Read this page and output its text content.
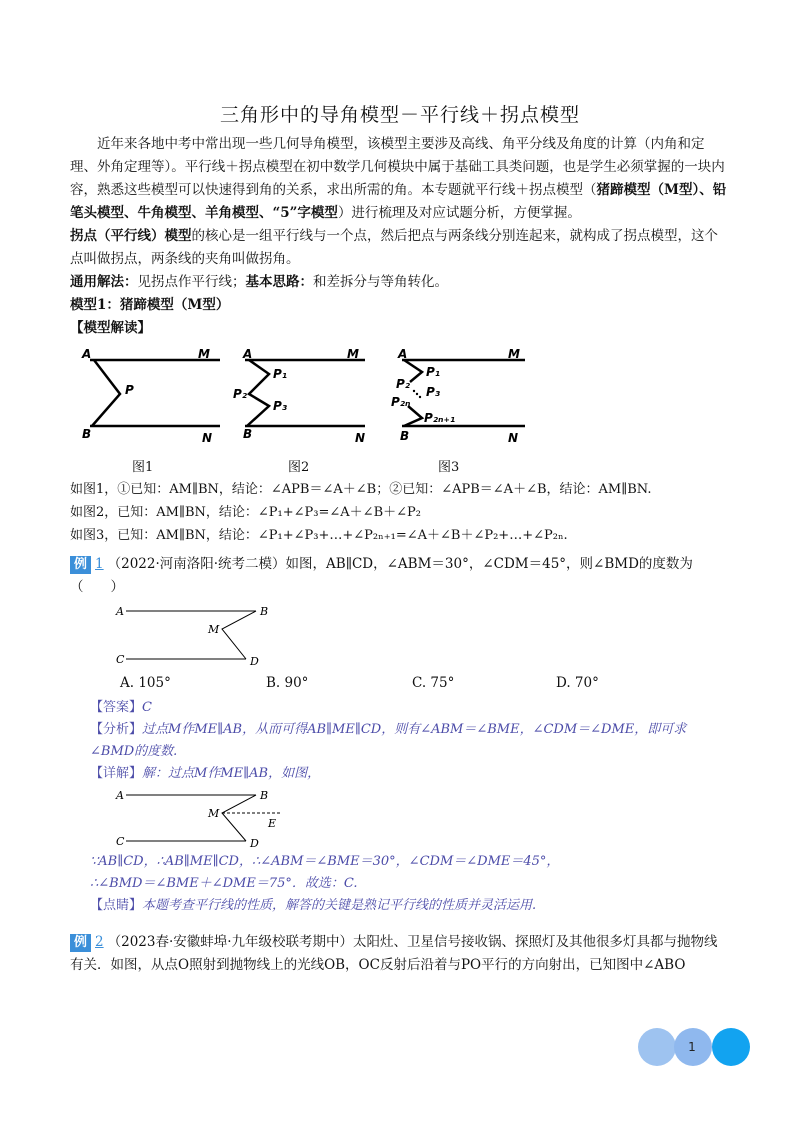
三角形中的导角模型－平行线＋拐点模型

近年来各地中考中常出现一些几何导角模型，该模型主要涉及高线、角平分线及角度的计算（内角和定理、外角定理等）。平行线＋拐点模型在初中数学几何模块中属于基础工具类问题，也是学生必须掌握的一块内容，熟悉这些模型可以快速得到角的关系，求出所需的角。本专题就平行线＋拐点模型（猪蹄模型（M型）、铅笔头模型、牛角模型、羊角模型、“5”字模型）进行梳理及对应试题分析，方便掌握。

拐点（平行线）模型的核心是一组平行线与一个点，然后把点与两条线分别连起来，就构成了拐点模型，这个点叫做拐点，两条线的夹角叫做拐角。

通用解法：见拐点作平行线；基本思路：和差拆分与等角转化。

模型1：猪蹄模型（M型）

【模型解读】

A	M
P
B	N
A	M
P₁
P₂
P₃
B	N
A	M
P₁
P₂
P₃
P₂ₙ
P₂ₙ₊₁
B	N
图1	图2	图3

如图1，①已知：AM∥BN，结论：∠APB＝∠A＋∠B；②已知：∠APB＝∠A＋∠B，结论：AM∥BN.

如图2，已知：AM∥BN，结论：∠P₁+∠P₃=∠A＋∠B＋∠P₂

如图3，已知：AM∥BN，结论：∠P₁+∠P₃+…+∠P₂ₙ₊₁=∠A＋∠B＋∠P₂+…+∠P₂ₙ.

例 1 （2022·河南洛阳·统考二模）如图，AB∥CD，∠ABM＝30°，∠CDM＝45°，则∠BMD的度数为（　　）

A	B
M
C	D
A. 105°	B. 90°	C. 75°	D. 70°

【答案】C

【分析】过点M作ME∥AB，从而可得AB∥ME∥CD，则有∠ABM＝∠BME，∠CDM＝∠DME，即可求∠BMD的度数.

【详解】解：过点M作ME∥AB，如图，

A	B
M
E
C	D

∵AB∥CD，∴AB∥ME∥CD，∴∠ABM＝∠BME＝30°，∠CDM＝∠DME＝45°，

∴∠BMD＝∠BME＋∠DME＝75°．故选：C.

【点睛】本题考查平行线的性质，解答的关键是熟记平行线的性质并灵活运用.

例 2 （2023春·安徽蚌埠·九年级校联考期中）太阳灶、卫星信号接收锅、探照灯及其他很多灯具都与抛物线有关．如图，从点O照射到抛物线上的光线OB，OC反射后沿着与PO平行的方向射出，已知图中∠ABO

1
